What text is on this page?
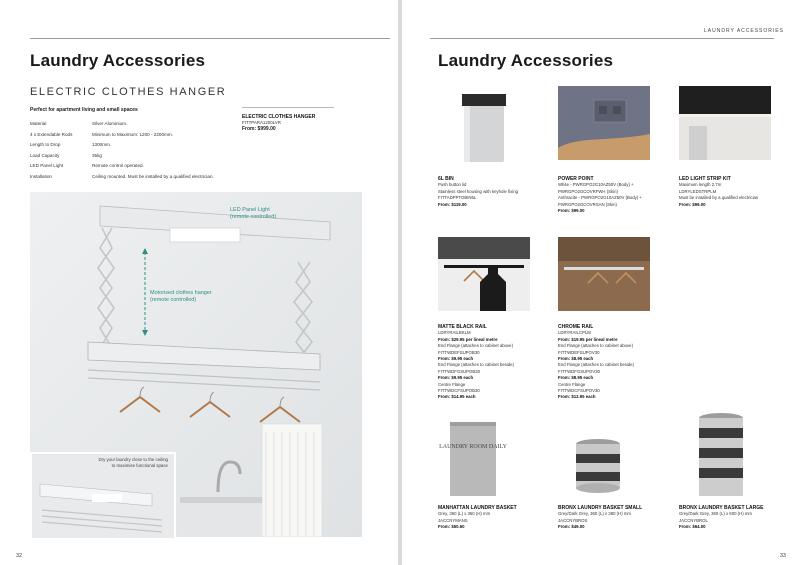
Laundry Accessories
ELECTRIC CLOTHES HANGER
Perfect for apartment living and small spaces
Material	Silver Aluminium.
4 x Extendable Rods	Minimum to Maximum: 1200 - 2200mm.
Length to Drop	1300mm.
Load Capacity	35kg
LED Panel Light	Remote control operated.
Installation	Ceiling mounted. Must be installed by a qualified electrician.
ELECTRIC CLOTHES HANGER
FITTPARA1200LVR
From: $999.00
LED Panel Light
(remote controlled)
Motorised clothes hanger
(remote controlled)
Dry your laundry close to the ceiling
to maximise functional space
32
LAUNDRY ACCESSORIES
Laundry Accessories
6L BIN
Push button lid
Stainless steel housing with keyhole fixing
FITTADPPTOBIN6L
From: $119.00
POWER POINT
White - PWRGPO2G10AZ50V (Body) +
PWRGPO2GCOVRFWH (Skin)
Anthracite - PWRGPO2G10AZ50V (Body) +
PWRGPO2GCOVRSAN (Skin)
From: $99.00
LED LIGHT STRIP KIT
Maximum length 2.7m
LDRYLEDSTRPLM
Must be installed by a qualified electrician
From: $99.00
MATTE BLACK RAIL
LDRYRAILBKLM
From: $29.95 per lineal metre
End Flange (attaches to cabinet above)
FITTWDEFSUPOB30
From: $9.95 each
End Flange (attaches to cabinet beside)
FITTWDFGSUPOB30
From: $9.95 each
Centre Flange
FITTWDCFSUPOB30
From: $14.95 each
CHROME RAIL
LDRYRAILCPLM
From: $19.95 per lineal metre
End Flange (attaches to cabinet above)
FITTWDEFSUPOV30
From: $8.95 each
End Flange (attaches to cabinet beside)
FITTWDFGSUPOV30
From: $8.95 each
Centre Flange
FITTWDCFSUPOV30
From: $12.95 each
LAUNDRY ROOM DAILY
MANHATTAN LAUNDRY BASKET
Grey, 360 (L) x 360 (H) mm
JACCNYMANS
From: $50.60
BRONX LAUNDRY BASKET SMALL
Grey/Dark Grey, 360 (L) x 380 (H) mm
JACCNYBROS
From: $49.00
BRONX LAUNDRY BASKET LARGE
Grey/Dark Grey, 360 (L) x 600 (H) mm
JACCNYBROL
From: $64.00
33
